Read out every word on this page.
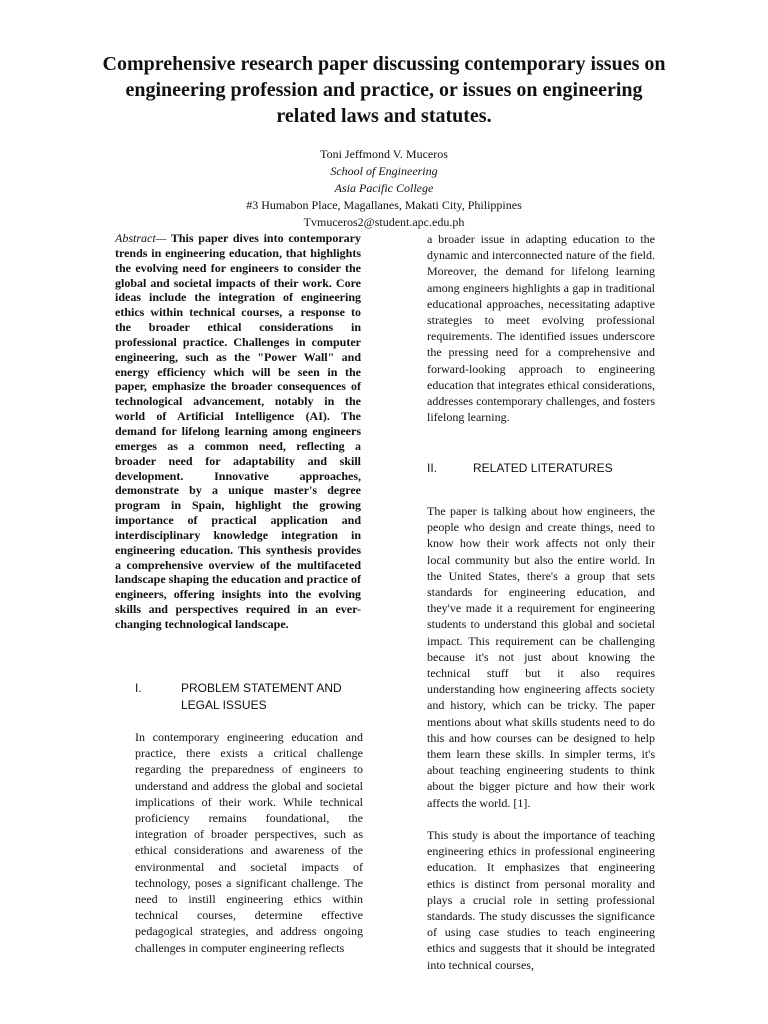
Comprehensive research paper discussing contemporary issues on engineering profession and practice, or issues on engineering related laws and statutes.
Toni Jeffmond V. Muceros
School of Engineering
Asia Pacific College
#3 Humabon Place, Magallanes, Makati City, Philippines
Tvmuceros2@student.apc.edu.ph

Abstract— This paper dives into contemporary trends in engineering education, that highlights the evolving need for engineers to consider the global and societal impacts of their work. Core ideas include the integration of engineering ethics within technical courses, a response to the broader ethical considerations in professional practice. Challenges in computer engineering, such as the "Power Wall" and energy efficiency which will be seen in the paper, emphasize the broader consequences of technological advancement, notably in the world of Artificial Intelligence (AI). The demand for lifelong learning among engineers emerges as a common need, reflecting a broader need for adaptability and skill development. Innovative approaches, demonstrate by a unique master's degree program in Spain, highlight the growing importance of practical application and interdisciplinary knowledge integration in engineering education. This synthesis provides a comprehensive overview of the multifaceted landscape shaping the education and practice of engineers, offering insights into the evolving skills and perspectives required in an ever-changing technological landscape.

I.	PROBLEM STATEMENT AND LEGAL ISSUES

In contemporary engineering education and practice, there exists a critical challenge regarding the preparedness of engineers to understand and address the global and societal implications of their work. While technical proficiency remains foundational, the integration of broader perspectives, such as ethical considerations and awareness of the environmental and societal impacts of technology, poses a significant challenge. The need to instill engineering ethics within technical courses, determine effective pedagogical strategies, and address ongoing challenges in computer engineering reflects

a broader issue in adapting education to the dynamic and interconnected nature of the field. Moreover, the demand for lifelong learning among engineers highlights a gap in traditional educational approaches, necessitating adaptive strategies to meet evolving professional requirements. The identified issues underscore the pressing need for a comprehensive and forward-looking approach to engineering education that integrates ethical considerations, addresses contemporary challenges, and fosters lifelong learning.

II.	RELATED LITERATURES

The paper is talking about how engineers, the people who design and create things, need to know how their work affects not only their local community but also the entire world. In the United States, there's a group that sets standards for engineering education, and they've made it a requirement for engineering students to understand this global and societal impact. This requirement can be challenging because it's not just about knowing the technical stuff but it also requires understanding how engineering affects society and history, which can be tricky. The paper mentions about what skills students need to do this and how courses can be designed to help them learn these skills. In simpler terms, it's about teaching engineering students to think about the bigger picture and how their work affects the world. [1].

This study is about the importance of teaching engineering ethics in professional engineering education. It emphasizes that engineering ethics is distinct from personal morality and plays a crucial role in setting professional standards. The study discusses the significance of using case studies to teach engineering ethics and suggests that it should be integrated into technical courses,
